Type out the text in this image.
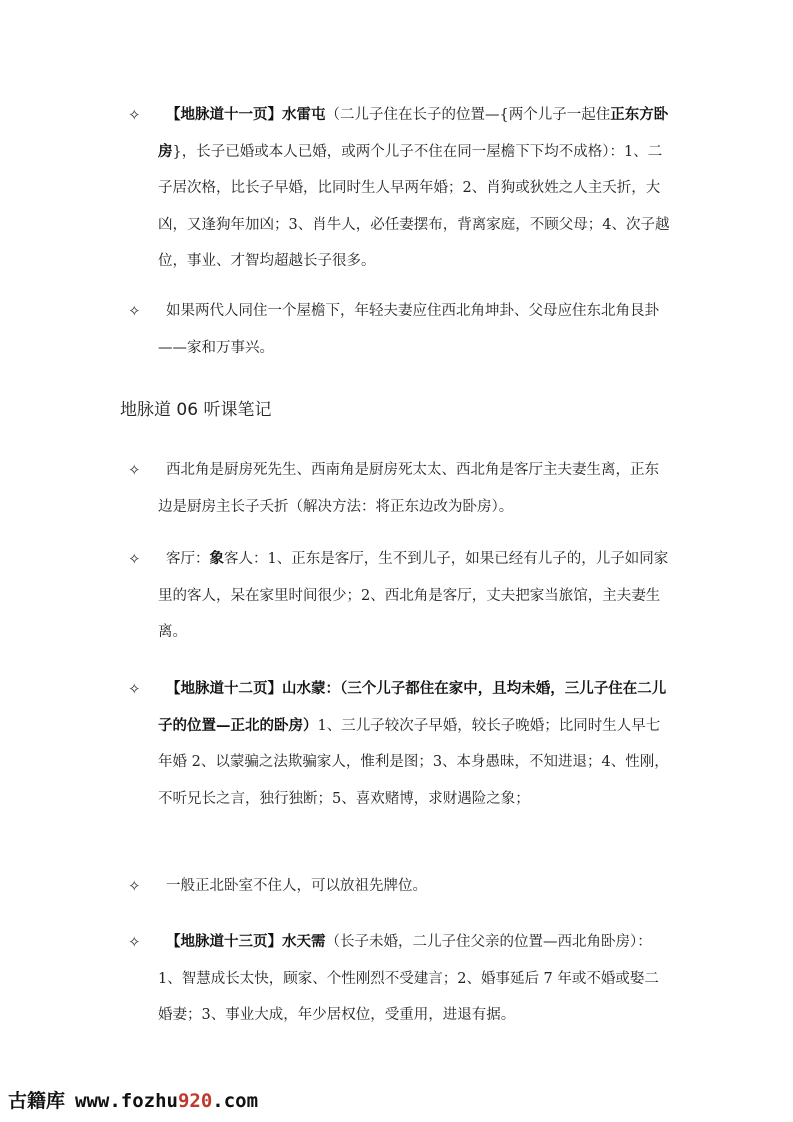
✧	【地脉道十一页】水雷屯（二儿子住在长子的位置—{两个儿子一起住正东方卧房}，长子已婚或本人已婚，或两个儿子不住在同一屋檐下下均不成格）：1、二子居次格，比长子早婚，比同时生人早两年婚；2、肖狗或狄姓之人主夭折，大凶，又逢狗年加凶；3、肖牛人，必任妻摆布，背离家庭，不顾父母；4、次子越位，事业、才智均超越长子很多。
✧	如果两代人同住一个屋檐下，年轻夫妻应住西北角坤卦、父母应住东北角艮卦——家和万事兴。
地脉道 06 听课笔记
✧	西北角是厨房死先生、西南角是厨房死太太、西北角是客厅主夫妻生离，正东边是厨房主长子夭折（解决方法：将正东边改为卧房）。
✧	客厅：象客人：1、正东是客厅，生不到儿子，如果已经有儿子的，儿子如同家里的客人，呆在家里时间很少；2、西北角是客厅，丈夫把家当旅馆，主夫妻生离。
✧	【地脉道十二页】山水蒙：（三个儿子都住在家中，且均未婚，三儿子住在二儿子的位置—正北的卧房）1、三儿子较次子早婚，较长子晚婚；比同时生人早七年婚 2、以蒙骗之法欺骗家人，惟利是图；3、本身愚昧，不知进退；4、性刚，不听兄长之言，独行独断；5、喜欢赌博，求财遇险之象；
✧	一般正北卧室不住人，可以放祖先牌位。
✧	【地脉道十三页】水天需（长子未婚，二儿子住父亲的位置—西北角卧房）：1、智慧成长太快，顾家、个性刚烈不受建言；2、婚事延后 7 年或不婚或娶二婚妻；3、事业大成，年少居权位，受重用，进退有据。
古籍库 www.fozhu920.com
